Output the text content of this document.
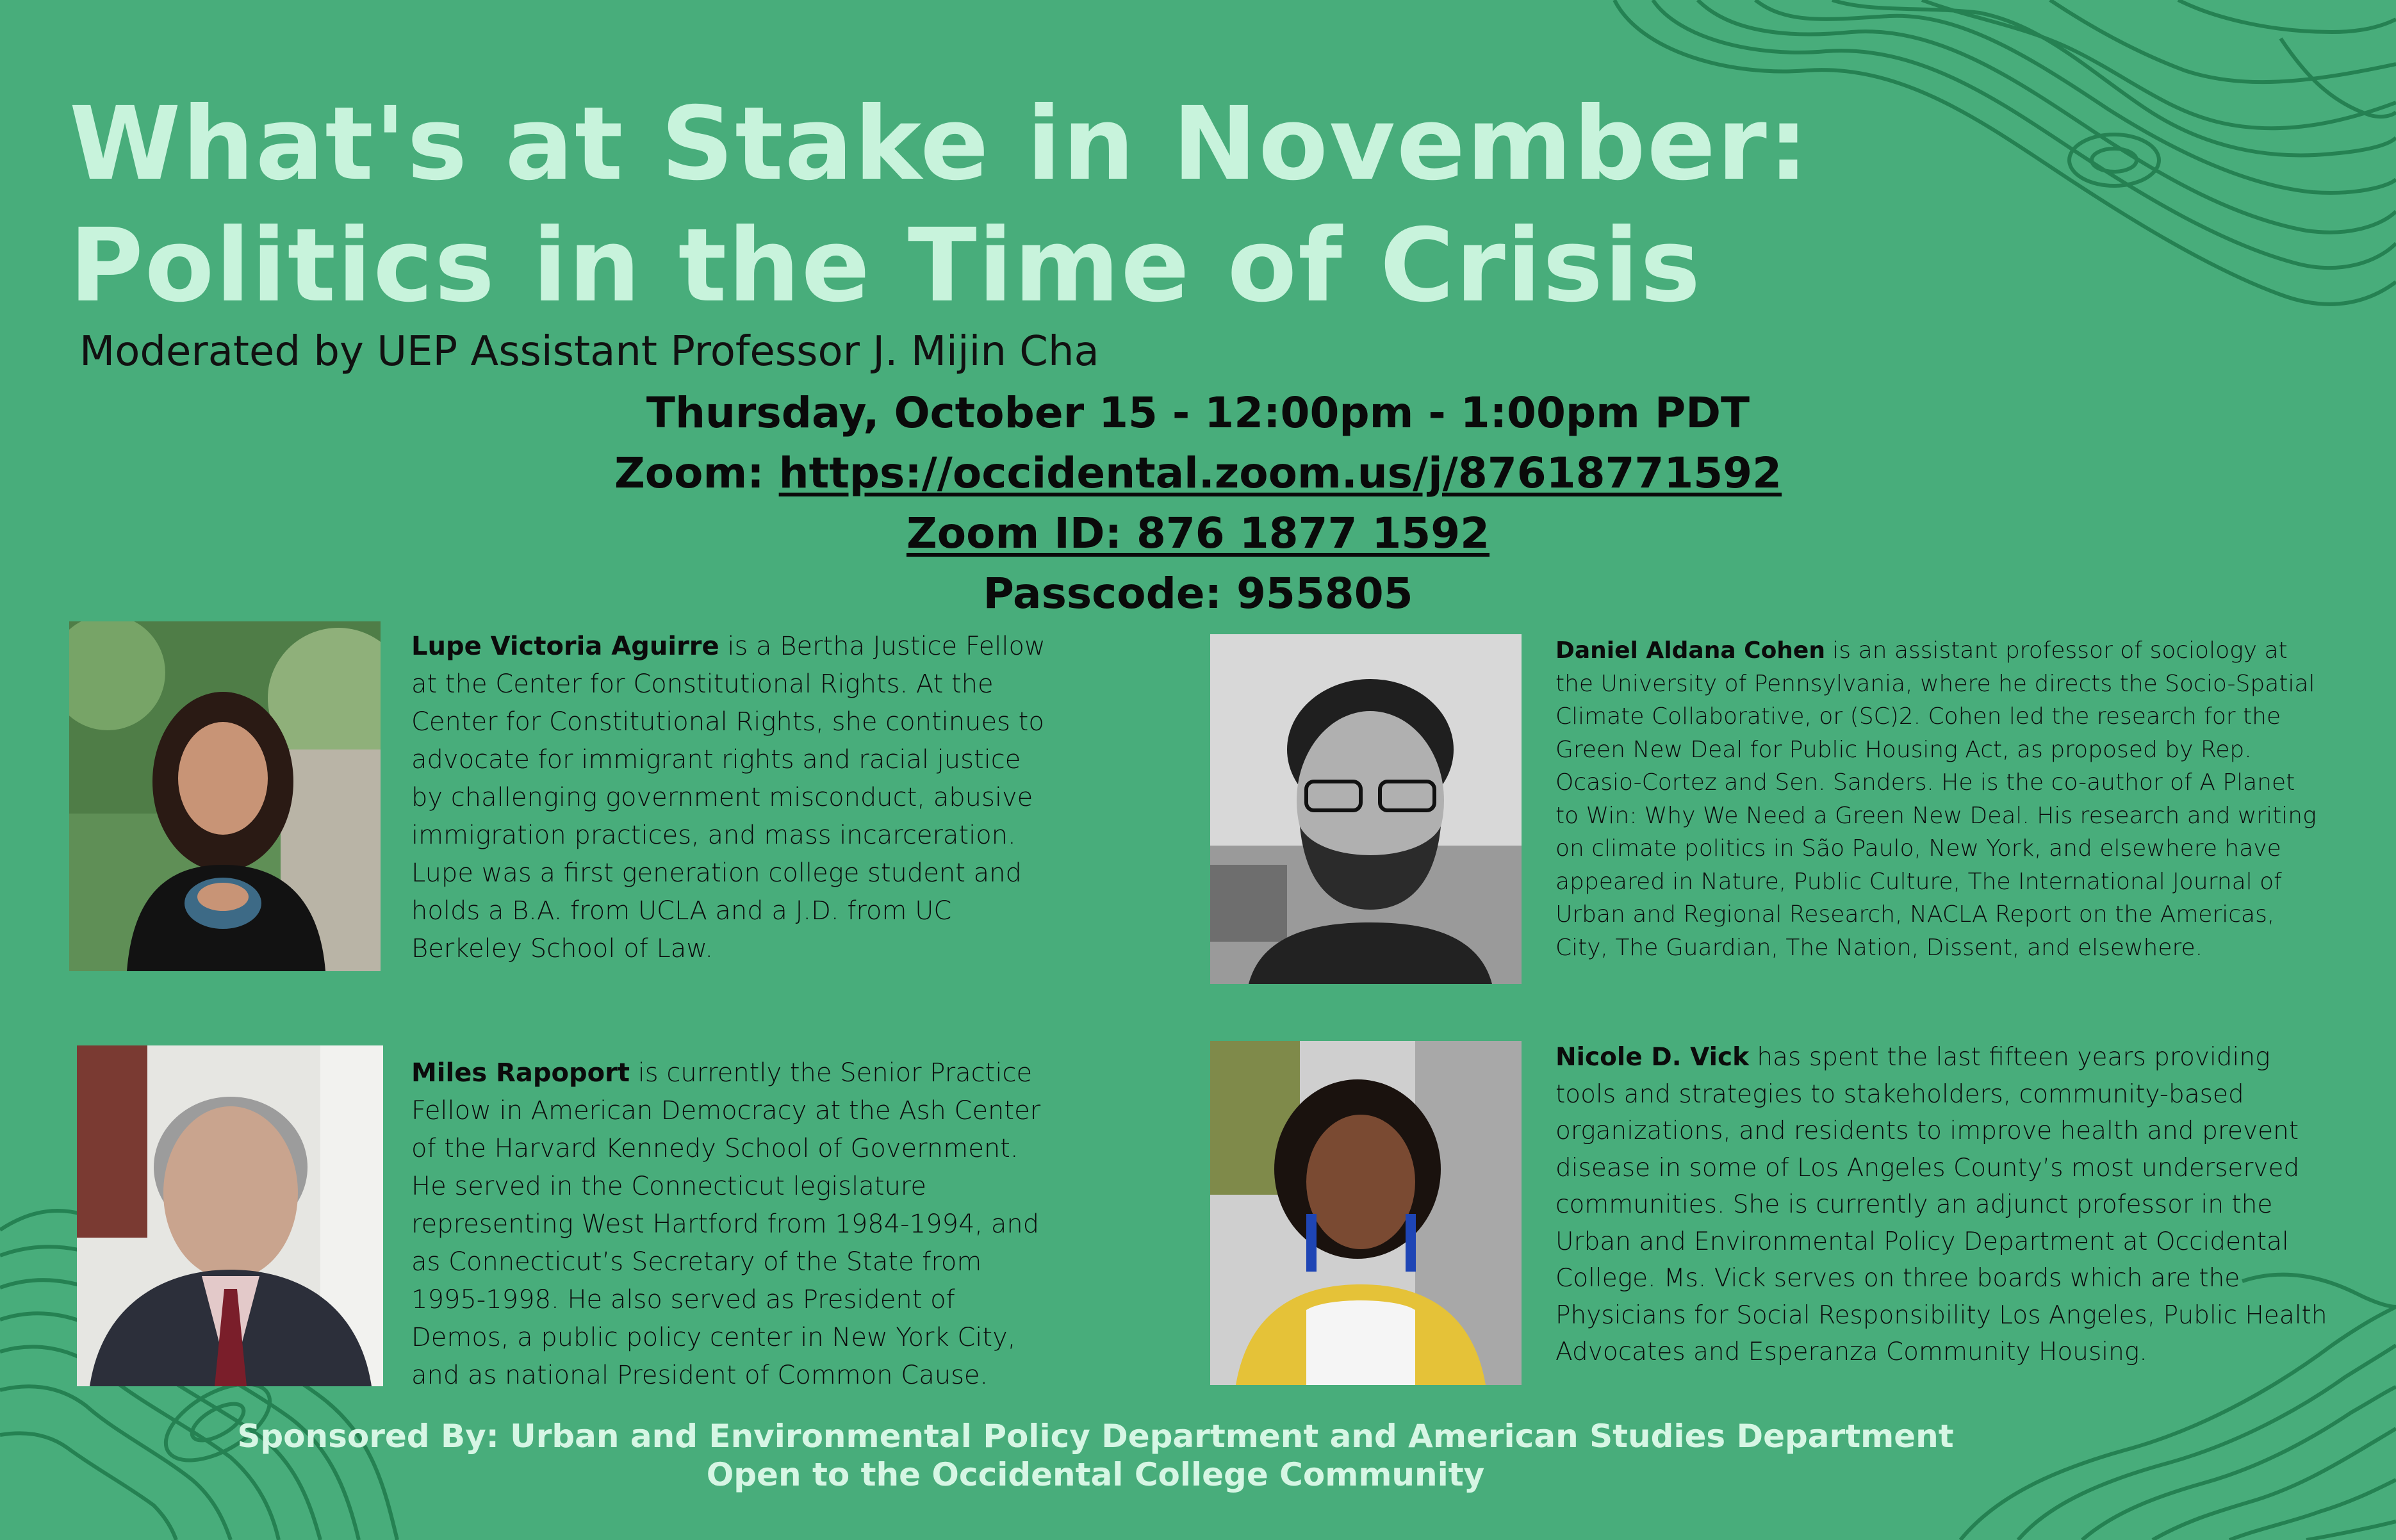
What's at Stake in November:
Politics in the Time of Crisis
Moderated by UEP Assistant Professor J. Mijin Cha
Thursday, October 15 - 12:00pm - 1:00pm PDT
Zoom: https://occidental.zoom.us/j/87618771592
Zoom ID: 876 1877 1592
Passcode: 955805
Lupe Victoria Aguirre is a Bertha Justice Fellow at the Center for Constitutional Rights. At the Center for Constitutional Rights, she continues to advocate for immigrant rights and racial justice by challenging government misconduct, abusive immigration practices, and mass incarceration. Lupe was a first generation college student and holds a B.A. from UCLA and a J.D. from UC Berkeley School of Law.
Daniel Aldana Cohen is an assistant professor of sociology at the University of Pennsylvania, where he directs the Socio-Spatial Climate Collaborative, or (SC)2. Cohen led the research for the Green New Deal for Public Housing Act, as proposed by Rep. Ocasio-Cortez and Sen. Sanders. He is the co-author of A Planet to Win: Why We Need a Green New Deal. His research and writing on climate politics in São Paulo, New York, and elsewhere have appeared in Nature, Public Culture, The International Journal of Urban and Regional Research, NACLA Report on the Americas, City, The Guardian, The Nation, Dissent, and elsewhere.
Miles Rapoport is currently the Senior Practice Fellow in American Democracy at the Ash Center of the Harvard Kennedy School of Government. He served in the Connecticut legislature representing West Hartford from 1984-1994, and as Connecticut’s Secretary of the State from 1995-1998. He also served as President of Demos, a public policy center in New York City, and as national President of Common Cause.
Nicole D. Vick has spent the last fifteen years providing tools and strategies to stakeholders, community-based organizations, and residents to improve health and prevent disease in some of Los Angeles County’s most underserved communities. She is currently an adjunct professor in the Urban and Environmental Policy Department at Occidental College. Ms. Vick serves on three boards which are the Physicians for Social Responsibility Los Angeles, Public Health Advocates and Esperanza Community Housing.
Sponsored By: Urban and Environmental Policy Department and American Studies Department
Open to the Occidental College Community
